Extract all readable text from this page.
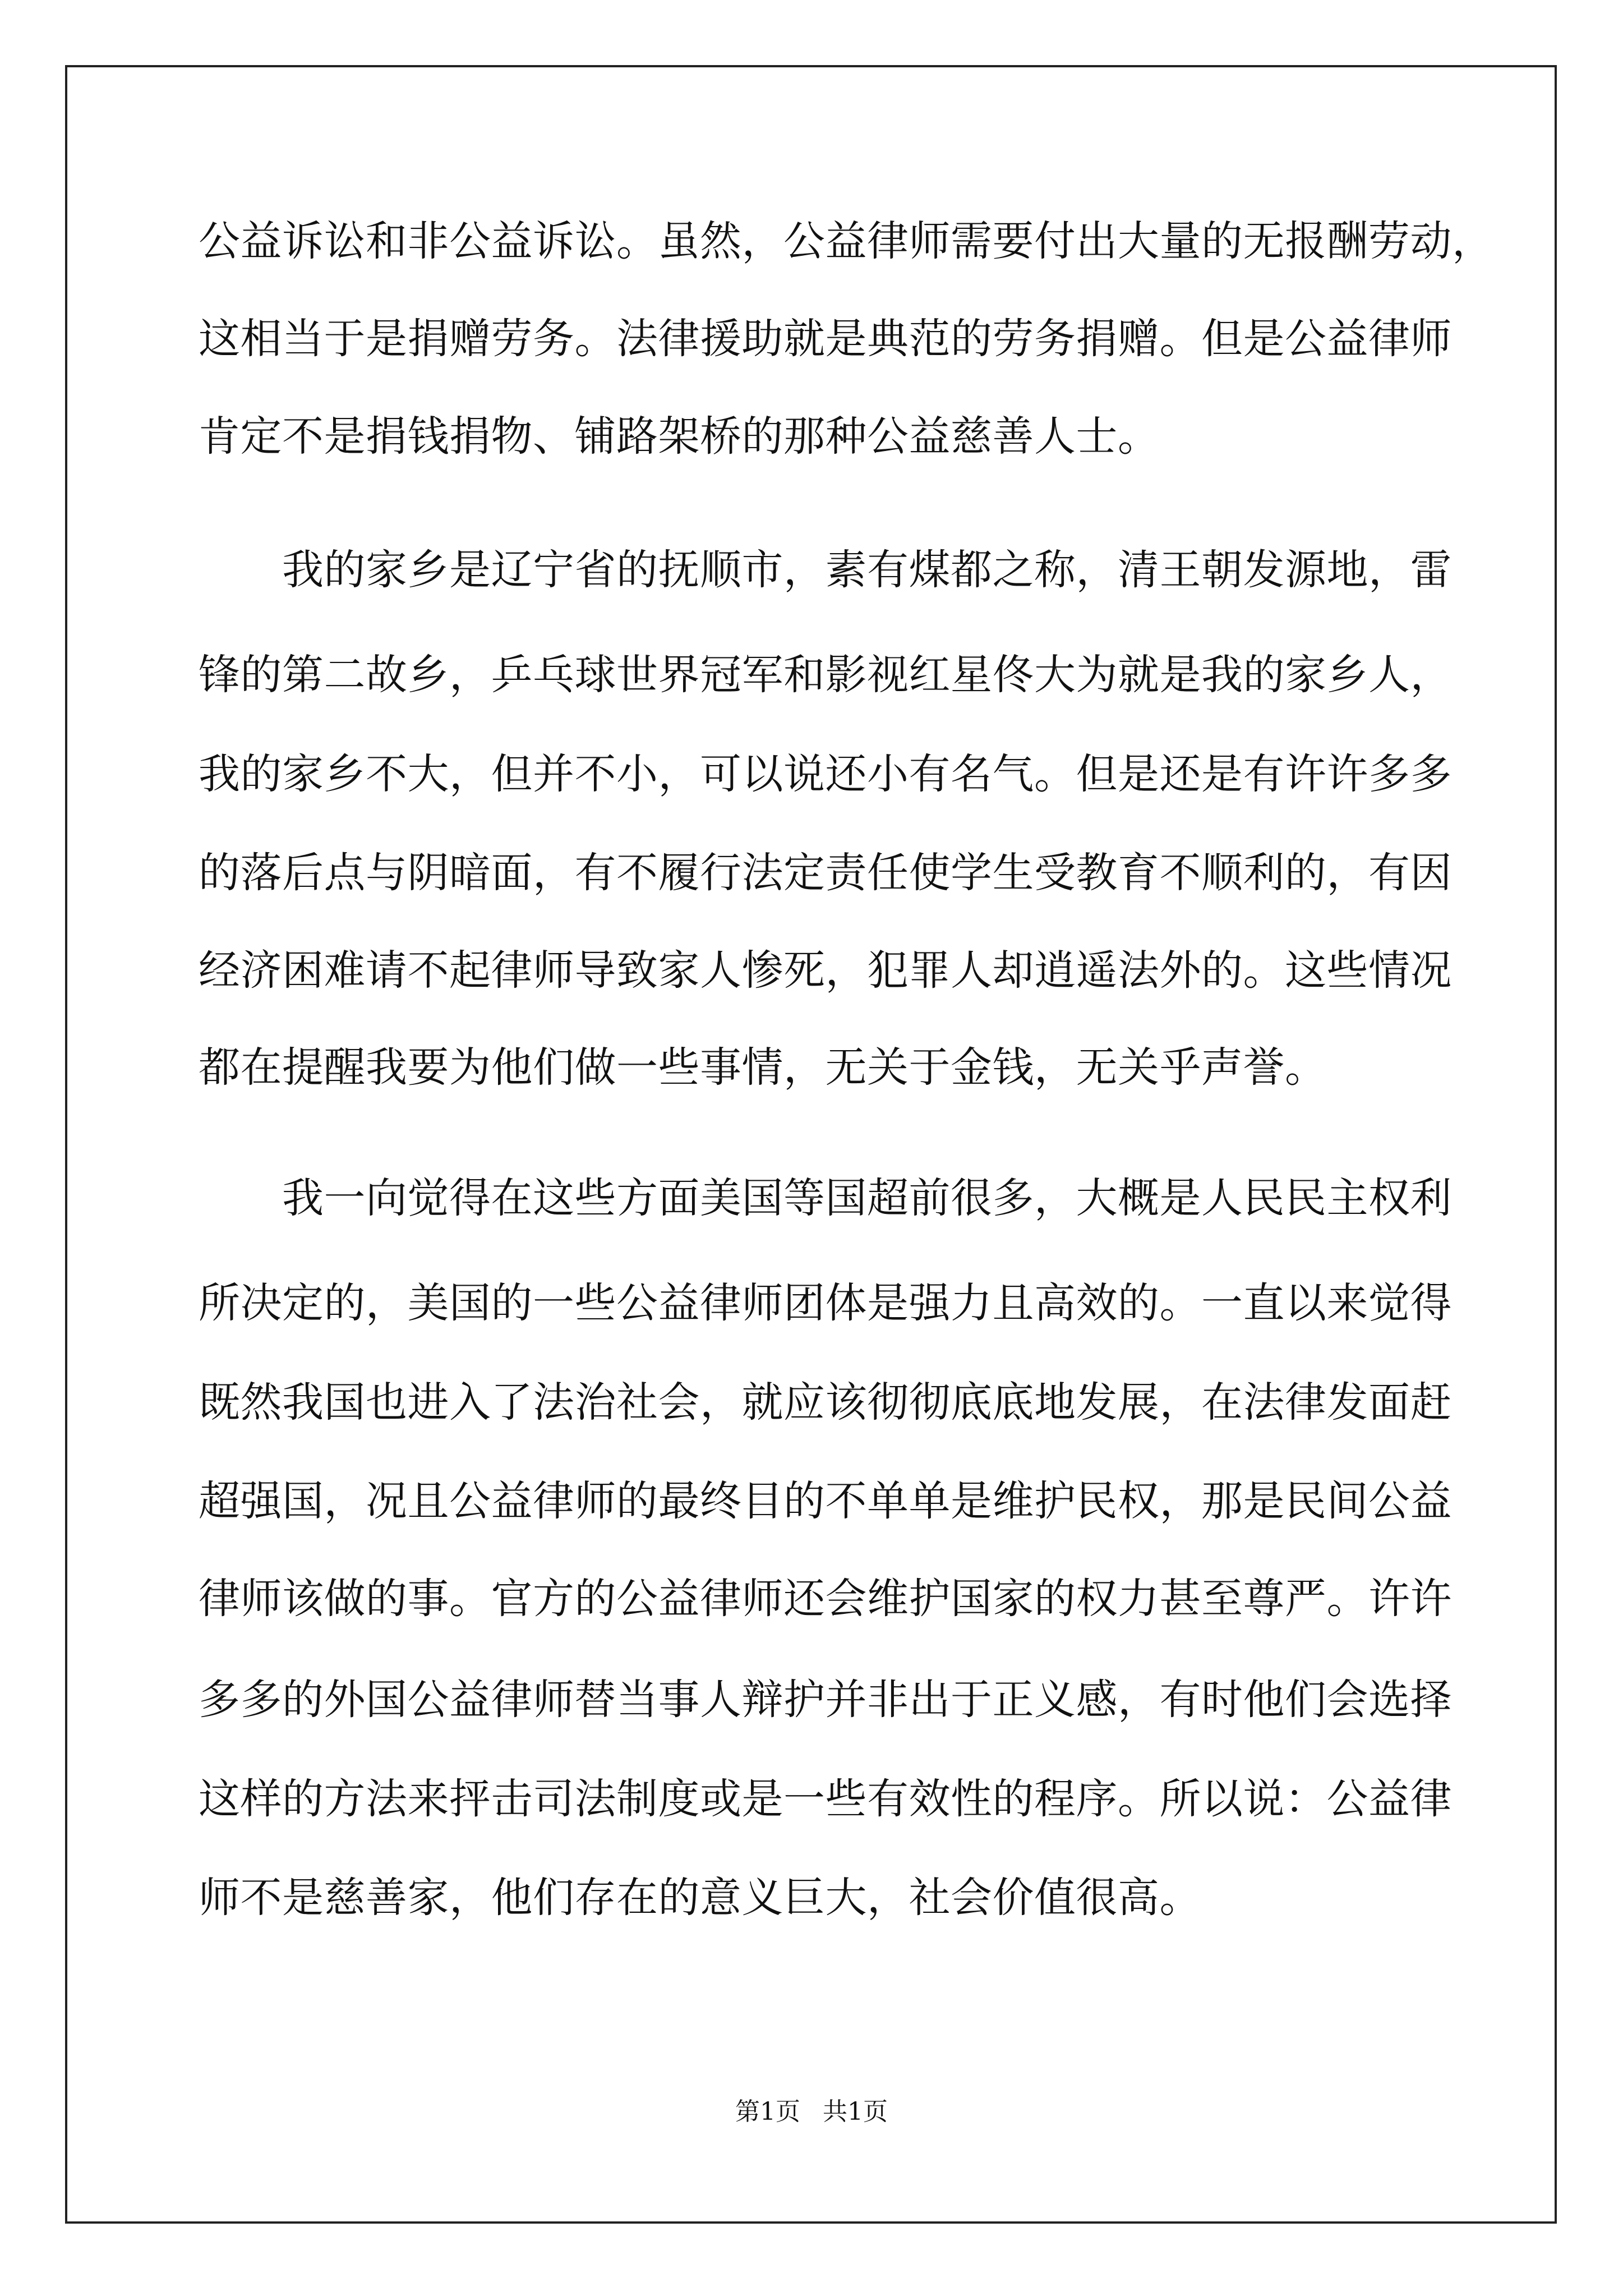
公益诉讼和非公益诉讼。虽然，公益律师需要付出大量的无报酬劳动，
这相当于是捐赠劳务。法律援助就是典范的劳务捐赠。但是公益律师
肯定不是捐钱捐物、铺路架桥的那种公益慈善人士。
　　我的家乡是辽宁省的抚顺市，素有煤都之称，清王朝发源地，雷
锋的第二故乡，乒乓球世界冠军和影视红星佟大为就是我的家乡人，
我的家乡不大，但并不小，可以说还小有名气。但是还是有许许多多
的落后点与阴暗面，有不履行法定责任使学生受教育不顺利的，有因
经济困难请不起律师导致家人惨死，犯罪人却逍遥法外的。这些情况
都在提醒我要为他们做一些事情，无关于金钱，无关乎声誉。
　　我一向觉得在这些方面美国等国超前很多，大概是人民民主权利
所决定的，美国的一些公益律师团体是强力且高效的。一直以来觉得
既然我国也进入了法治社会，就应该彻彻底底地发展，在法律发面赶
超强国，况且公益律师的最终目的不单单是维护民权，那是民间公益
律师该做的事。官方的公益律师还会维护国家的权力甚至尊严。许许
多多的外国公益律师替当事人辩护并非出于正义感，有时他们会选择
这样的方法来抨击司法制度或是一些有效性的程序。所以说：公益律
师不是慈善家，他们存在的意义巨大，社会价值很高。
第1页 共1页
